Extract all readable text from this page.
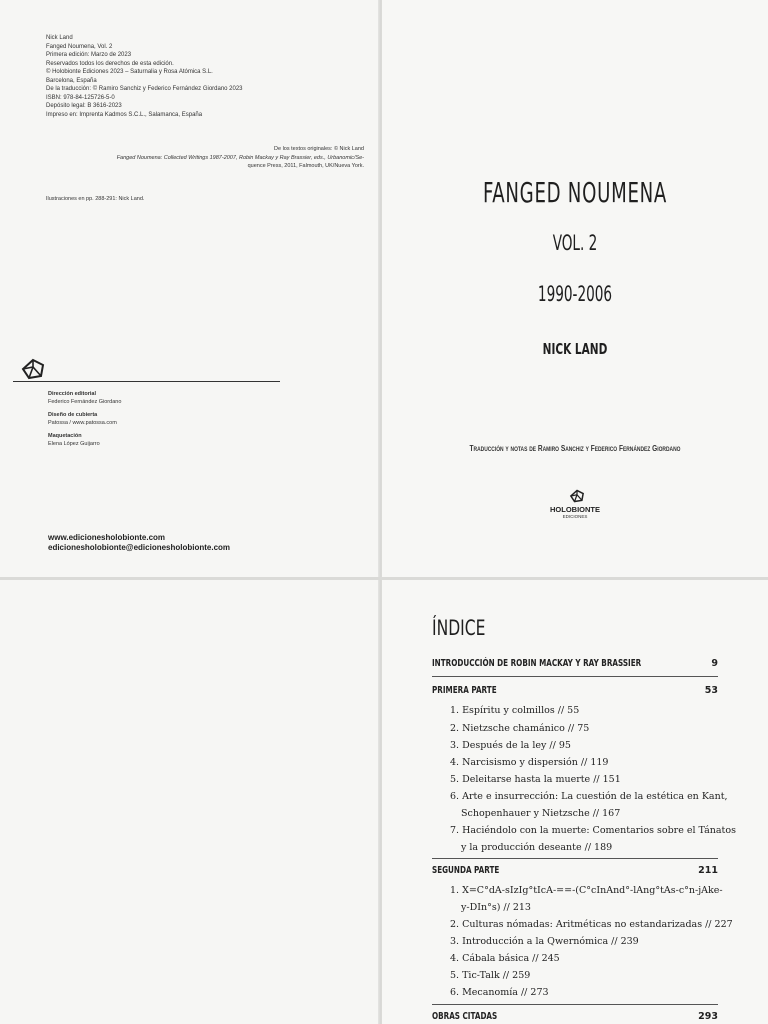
Nick Land
Fanged Noumena, Vol. 2
Primera edición: Marzo de 2023
Reservados todos los derechos de esta edición.
© Holobionte Ediciones 2023 – Saturnalia y Rosa Atómica S.L.
Barcelona, España
De la traducción: © Ramiro Sanchiz y Federico Fernández Giordano 2023
ISBN: 978-84-125726-5-0
Depósito legal: B 3616-2023
Impreso en: Imprenta Kadmos S.C.L., Salamanca, España
De los textos originales: © Nick Land
Fanged Noumena: Collected Writings 1987-2007, Robin Mackay y Ray Brassier, eds., Urbanomic/Se-
quence Press, 2011, Falmouth, UK/Nueva York.
Ilustraciones en pp. 288-291: Nick Land.
Dirección editorial
Federico Fernández Giordano
Diseño de cubierta
Patossa / www.patossa.com
Maquetación
Elena López Guijarro
www.edicionesholobionte.com
edicionesholobionte@edicionesholobionte.com
FANGED NOUMENA
VOL. 2
1990-2006
NICK LAND
Traducción y notas de Ramiro Sanchiz y Federico Fernández Giordano
HOLOBIONTE
EDICIONES
ÍNDICE
INTRODUCCIÓN DE ROBIN MACKAY Y RAY BRASSIER	9
PRIMERA PARTE	53
1. Espíritu y colmillos // 55
2. Nietzsche chamánico // 75
3. Después de la ley // 95
4. Narcisismo y dispersión // 119
5. Deleitarse hasta la muerte // 151
6. Arte e insurrección: La cuestión de la estética en Kant,
Schopenhauer y Nietzsche // 167
7. Haciéndolo con la muerte: Comentarios sobre el Tánatos
y la producción deseante // 189
SEGUNDA PARTE	211
1. X=C°dA-sIzIg°tIcA-==-(C°cInAnd°-lAng°tAs-c°n-jAke-
y-DIn°s) // 213
2. Culturas nómadas: Aritméticas no estandarizadas // 227
3. Introducción a la Qwernómica // 239
4. Cábala básica // 245
5. Tic-Talk // 259
6. Mecanomía // 273
OBRAS CITADAS	293
